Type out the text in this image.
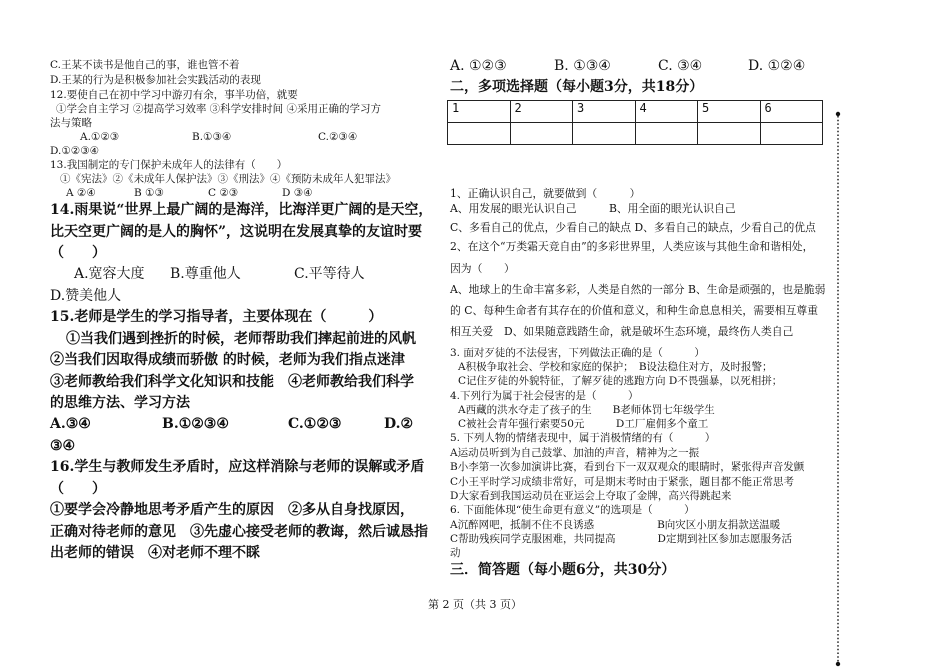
C.王某不读书是他自己的事，谁也管不着
D.王某的行为是积极参加社会实践活动的表现
12.要使自己在初中学习中游刃有余，事半功倍，就要
①学会自主学习 ②提高学习效率 ③科学安排时间 ④采用正确的学习方
法与策略
A.①②③	B.①③④	C.②③④
D.①②③④
13.我国制定的专门保护未成年人的法律有（　　）
①《宪法》②《未成年人保护法》③《刑法》④《预防未成年人犯罪法》
A ②④	B ①③	C ②③	D ③④
14.雨果说“世界上最广阔的是海洋，比海洋更广阔的是天空，
比天空更广阔的是人的胸怀”，这说明在发展真挚的友谊时要
（　　）
A.宽容大度 B.尊重他人	C.平等待人
D.赞美他人
15.老师是学生的学习指导者，主要体现在（　　　）
①当我们遇到挫折的时候，老师帮助我们摔起前进的风帆
②当我们因取得成绩而骄傲 的时候，老师为我们指点迷津
③老师教给我们科学文化知识和技能　④老师教给我们科学
的思维方法、学习方法
A.③④	B.①②③④	C.①②③	D.②
③④
16.学生与教师发生矛盾时，应这样消除与老师的误解或矛盾
（　　）
①要学会冷静地思考矛盾产生的原因　②多从自身找原因，
正确对待老师的意见　③先虚心接受老师的教诲，然后诚恳指
出老师的错误　④对老师不理不睬
A. ①②③	B. ①③④	C. ③④	D. ①②④
二，多项选择题（每小题3分，共18分）
1、正确认识自己，就要做到（　　　）
A、用发展的眼光认识自己　　　B、用全面的眼光认识自己
C、多看自己的优点，少看自己的缺点 D、多看自己的缺点，少看自己的优点
2、在这个“万类霜天竞自由”的多彩世界里，人类应该与其他生命和谐相处，
因为（　　）
A、地球上的生命丰富多彩，人类是自然的一部分 B、生命是顽强的，也是脆弱
的 C、每种生命者有其存在的价值和意义，和种生命息息相关，需要相互尊重
相互关爱　D、如果随意践踏生命，就是破坏生态环境，最终伤人类自己
3. 面对歹徒的不法侵害，下列做法正确的是（　　　）
A积极争取社会、学校和家庭的保护；　B设法稳住对方，及时报警；
C记住歹徒的外貌特征，了解歹徒的逃跑方向 D不畏强暴，以死相拼；
4.下列行为属于社会侵害的是（　　　）
A西藏的洪水夺走了孩子的生　　B老师体罚七年级学生
C被社会青年强行索要50元　　　D工厂雇佣多个童工
5. 下列人物的情绪表现中，属于消极情绪的有（　　　）
A运动员听到为自己鼓掌、加油的声音，精神为之一振
B小李第一次参加演讲比赛，看到台下一双双观众的眼睛时，紧张得声音发颤
C小王平时学习成绩非常好，可是期末考时由于紧张，题目都不能正常思考
D大家看到我国运动员在亚运会上夺取了金牌，高兴得跳起来
6. 下面能体现“使生命更有意义”的选项是（　　　）
A沉醉网吧，抵制不住不良诱惑　　　　　　B向灾区小朋友捐款送温暖
C帮助残疾同学克服困难，共同提高　　　　D定期到社区参加志愿服务活
动
三．简答题（每小题6分，共30分）
1	2	3	4	5	6

第 2 页（共 3 页）
